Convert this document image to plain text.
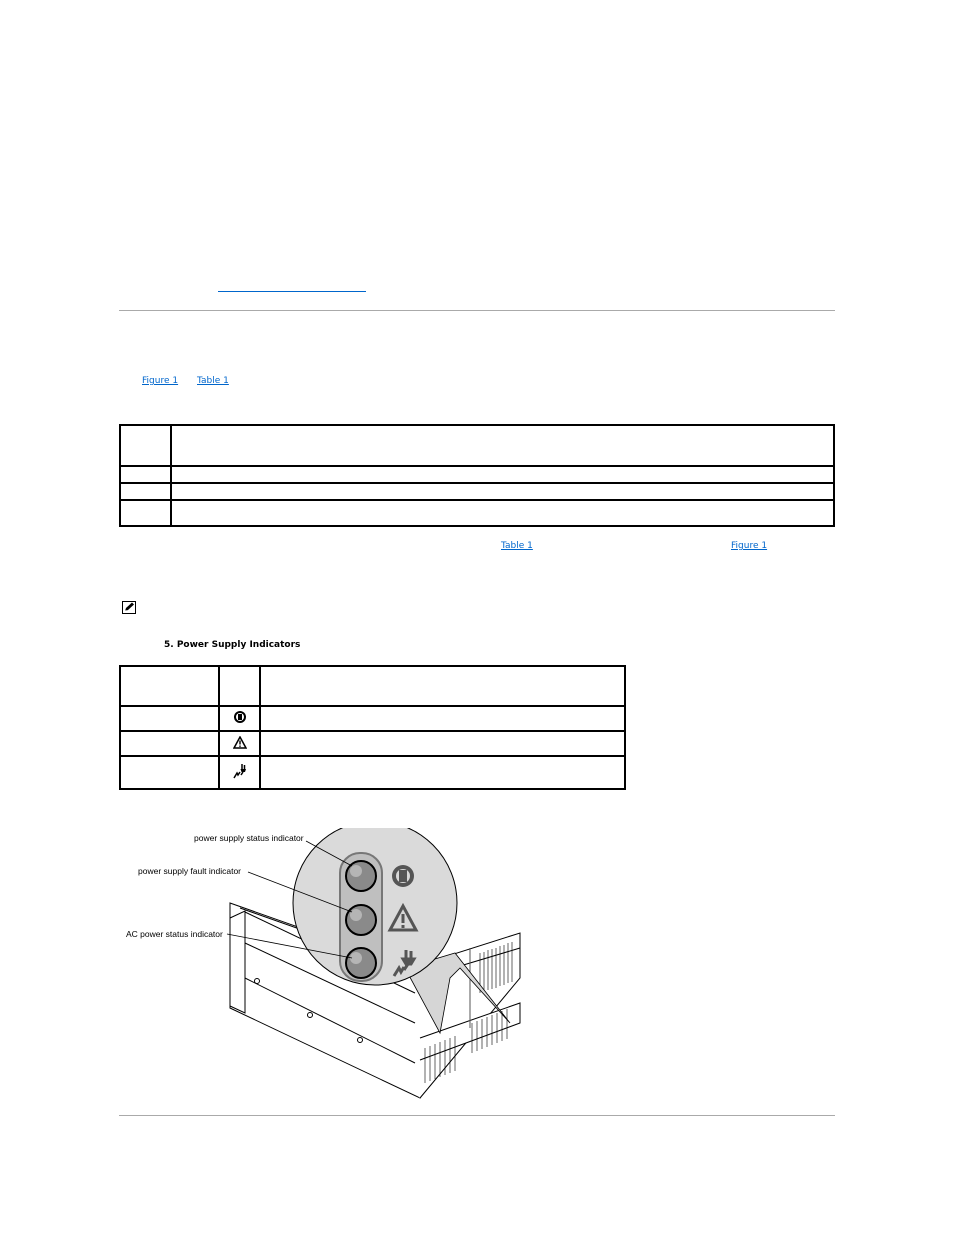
Figure 1 Table 1

Table 1	Figure 1
5. Power Supply Indicators

power supply status indicator
power supply fault indicator
AC power status indicator
